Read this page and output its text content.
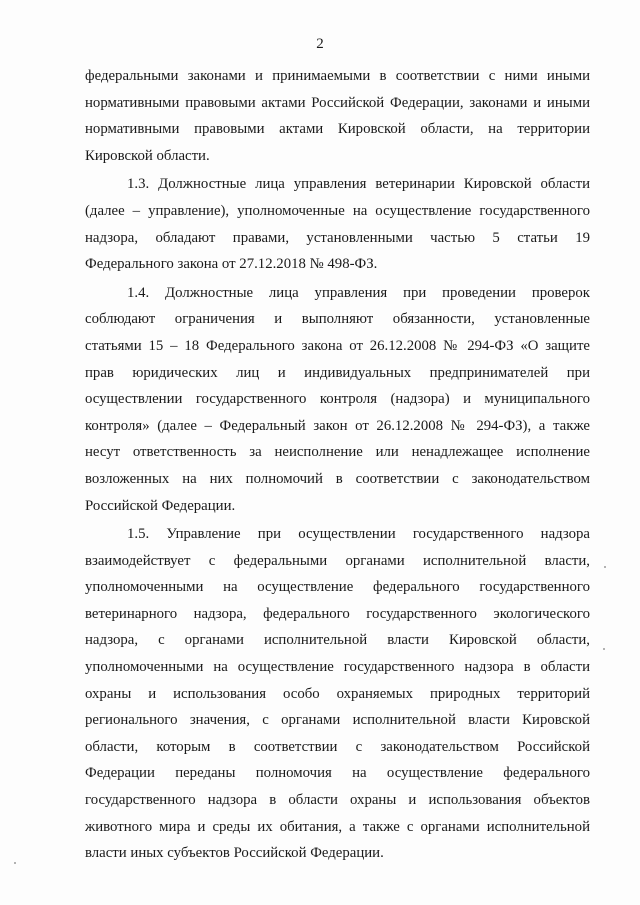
2
федеральными законами и принимаемыми в соответствии с ними иными
нормативными правовыми актами Российской Федерации, законами и иными
нормативными правовыми актами Кировской области, на территории
Кировской области.
1.3. Должностные лица управления ветеринарии Кировской области
(далее – управление), уполномоченные на осуществление государственного
надзора, обладают правами, установленными частью 5 статьи 19
Федерального закона от 27.12.2018 № 498-ФЗ.
1.4. Должностные лица управления при проведении проверок
соблюдают ограничения и выполняют обязанности, установленные
статьями 15 – 18 Федерального закона от 26.12.2008 № 294-ФЗ «О защите
прав юридических лиц и индивидуальных предпринимателей при
осуществлении государственного контроля (надзора) и муниципального
контроля» (далее – Федеральный закон от 26.12.2008 № 294-ФЗ), а также
несут ответственность за неисполнение или ненадлежащее исполнение
возложенных на них полномочий в соответствии с законодательством
Российской Федерации.
1.5. Управление при осуществлении государственного надзора
взаимодействует с федеральными органами исполнительной власти,
уполномоченными на осуществление федерального государственного
ветеринарного надзора, федерального государственного экологического
надзора, с органами исполнительной власти Кировской области,
уполномоченными на осуществление государственного надзора в области
охраны и использования особо охраняемых природных территорий
регионального значения, с органами исполнительной власти Кировской
области, которым в соответствии с законодательством Российской
Федерации переданы полномочия на осуществление федерального
государственного надзора в области охраны и использования объектов
животного мира и среды их обитания, а также с органами исполнительной
власти иных субъектов Российской Федерации.
